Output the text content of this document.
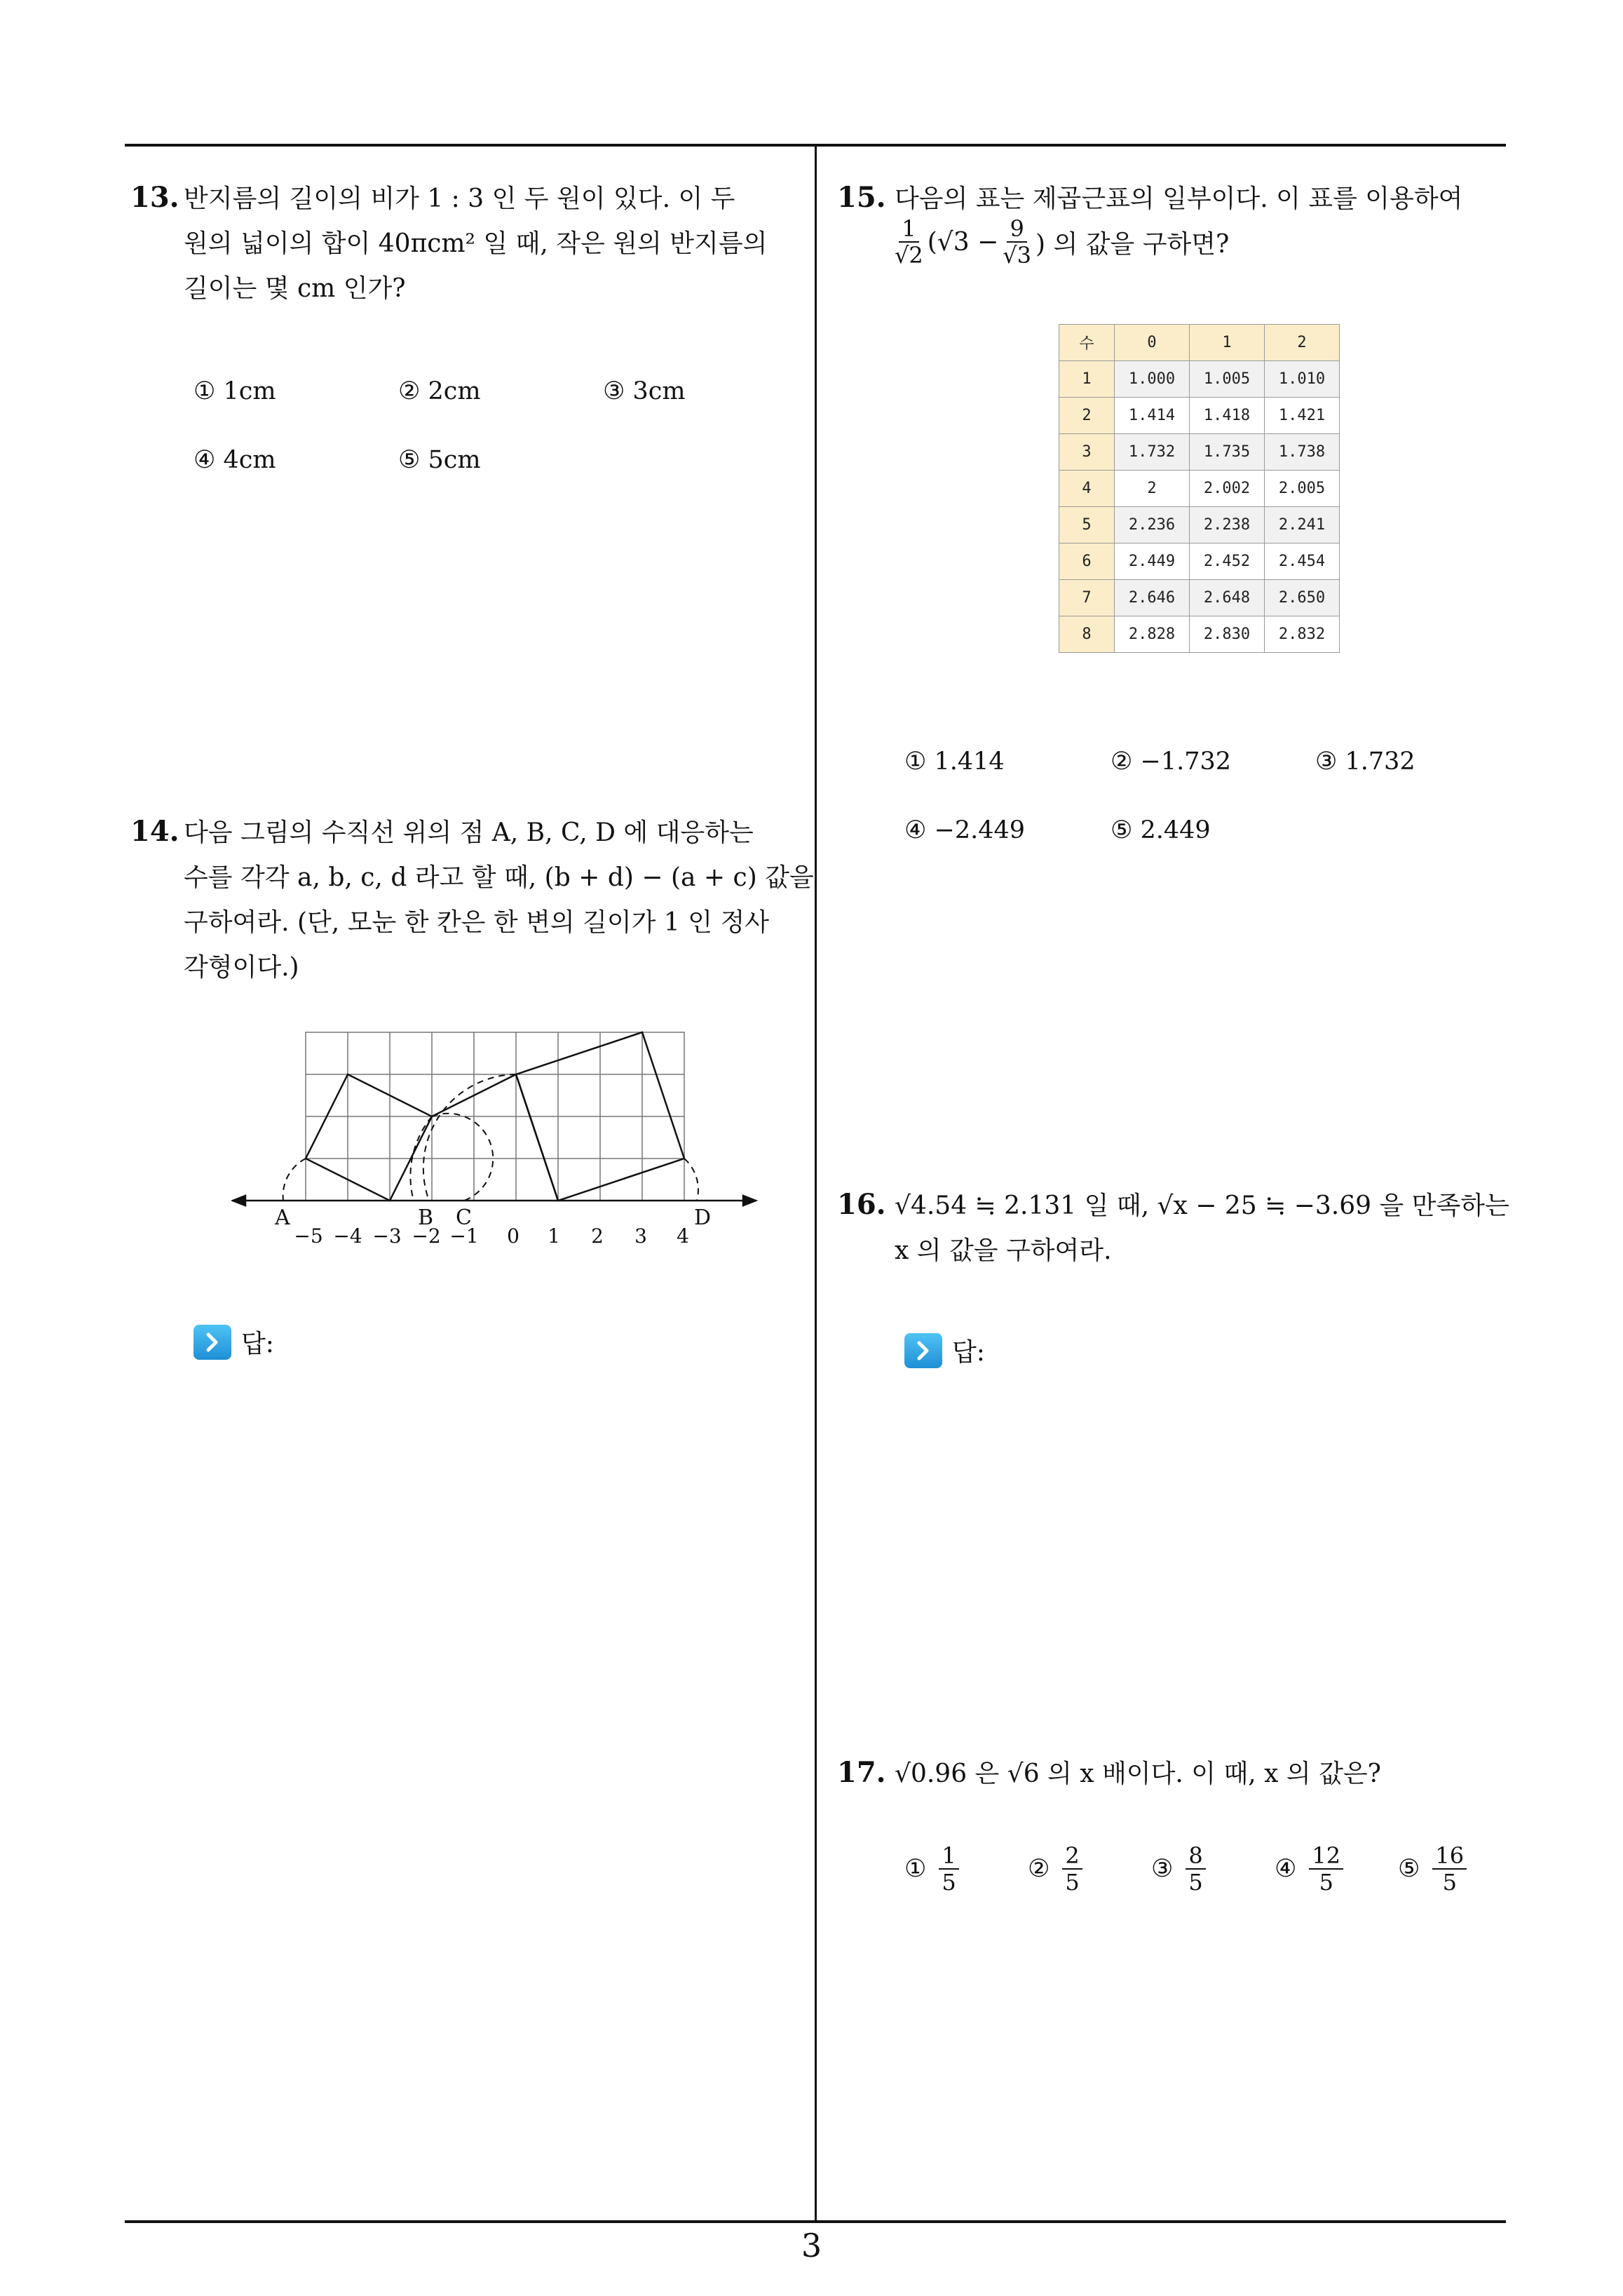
13. 반지름의 길이의 비가 1 : 3 인 두 원이 있다. 이 두
원의 넓이의 합이 40πcm² 일 때, 작은 원의 반지름의
길이는 몇 cm 인가?
① 1cm	② 2cm	③ 3cm
④ 4cm	⑤ 5cm
14. 다음 그림의 수직선 위의 점 A, B, C, D 에 대응하는
수를 각각 a, b, c, d 라고 할 때, (b + d) − (a + c) 값을
구하여라. (단, 모눈 한 칸은 한 변의 길이가 1 인 정사
각형이다.)
A	B C	D
−5 −4 −3 −2 −1 0 1 2 3 4
답:
15. 다음의 표는 제곱근표의 일부이다. 이 표를 이용하여
$\frac{1}{√2} (√3 - \frac{9}{√3}$ ) 의 값을 구하면?
수	0	1	2
1	1.000	1.005	1.010
2	1.414	1.418	1.421
3	1.732	1.735	1.738
4	2	2.002	2.005
5	2.236	2.238	2.241
6	2.449	2.452	2.454
7	2.646	2.648	2.650
8	2.828	2.830	2.832
① 1.414	② −1.732	③ 1.732
④ −2.449	⑤ 2.449
16. √4.54 ≒ 2.131 일 때, √x − 25 ≒ −3.69 을 만족하는
x 의 값을 구하여라.
답:
17. √0.96 은 √6 의 x 배이다. 이 때, x 의 값은?
① $\frac{1}{5}$	② $\frac{2}{5}$	③ $\frac{8}{5}$	④ $\frac{12}{5}$ ⑤ $\frac{16}{5}$
3
